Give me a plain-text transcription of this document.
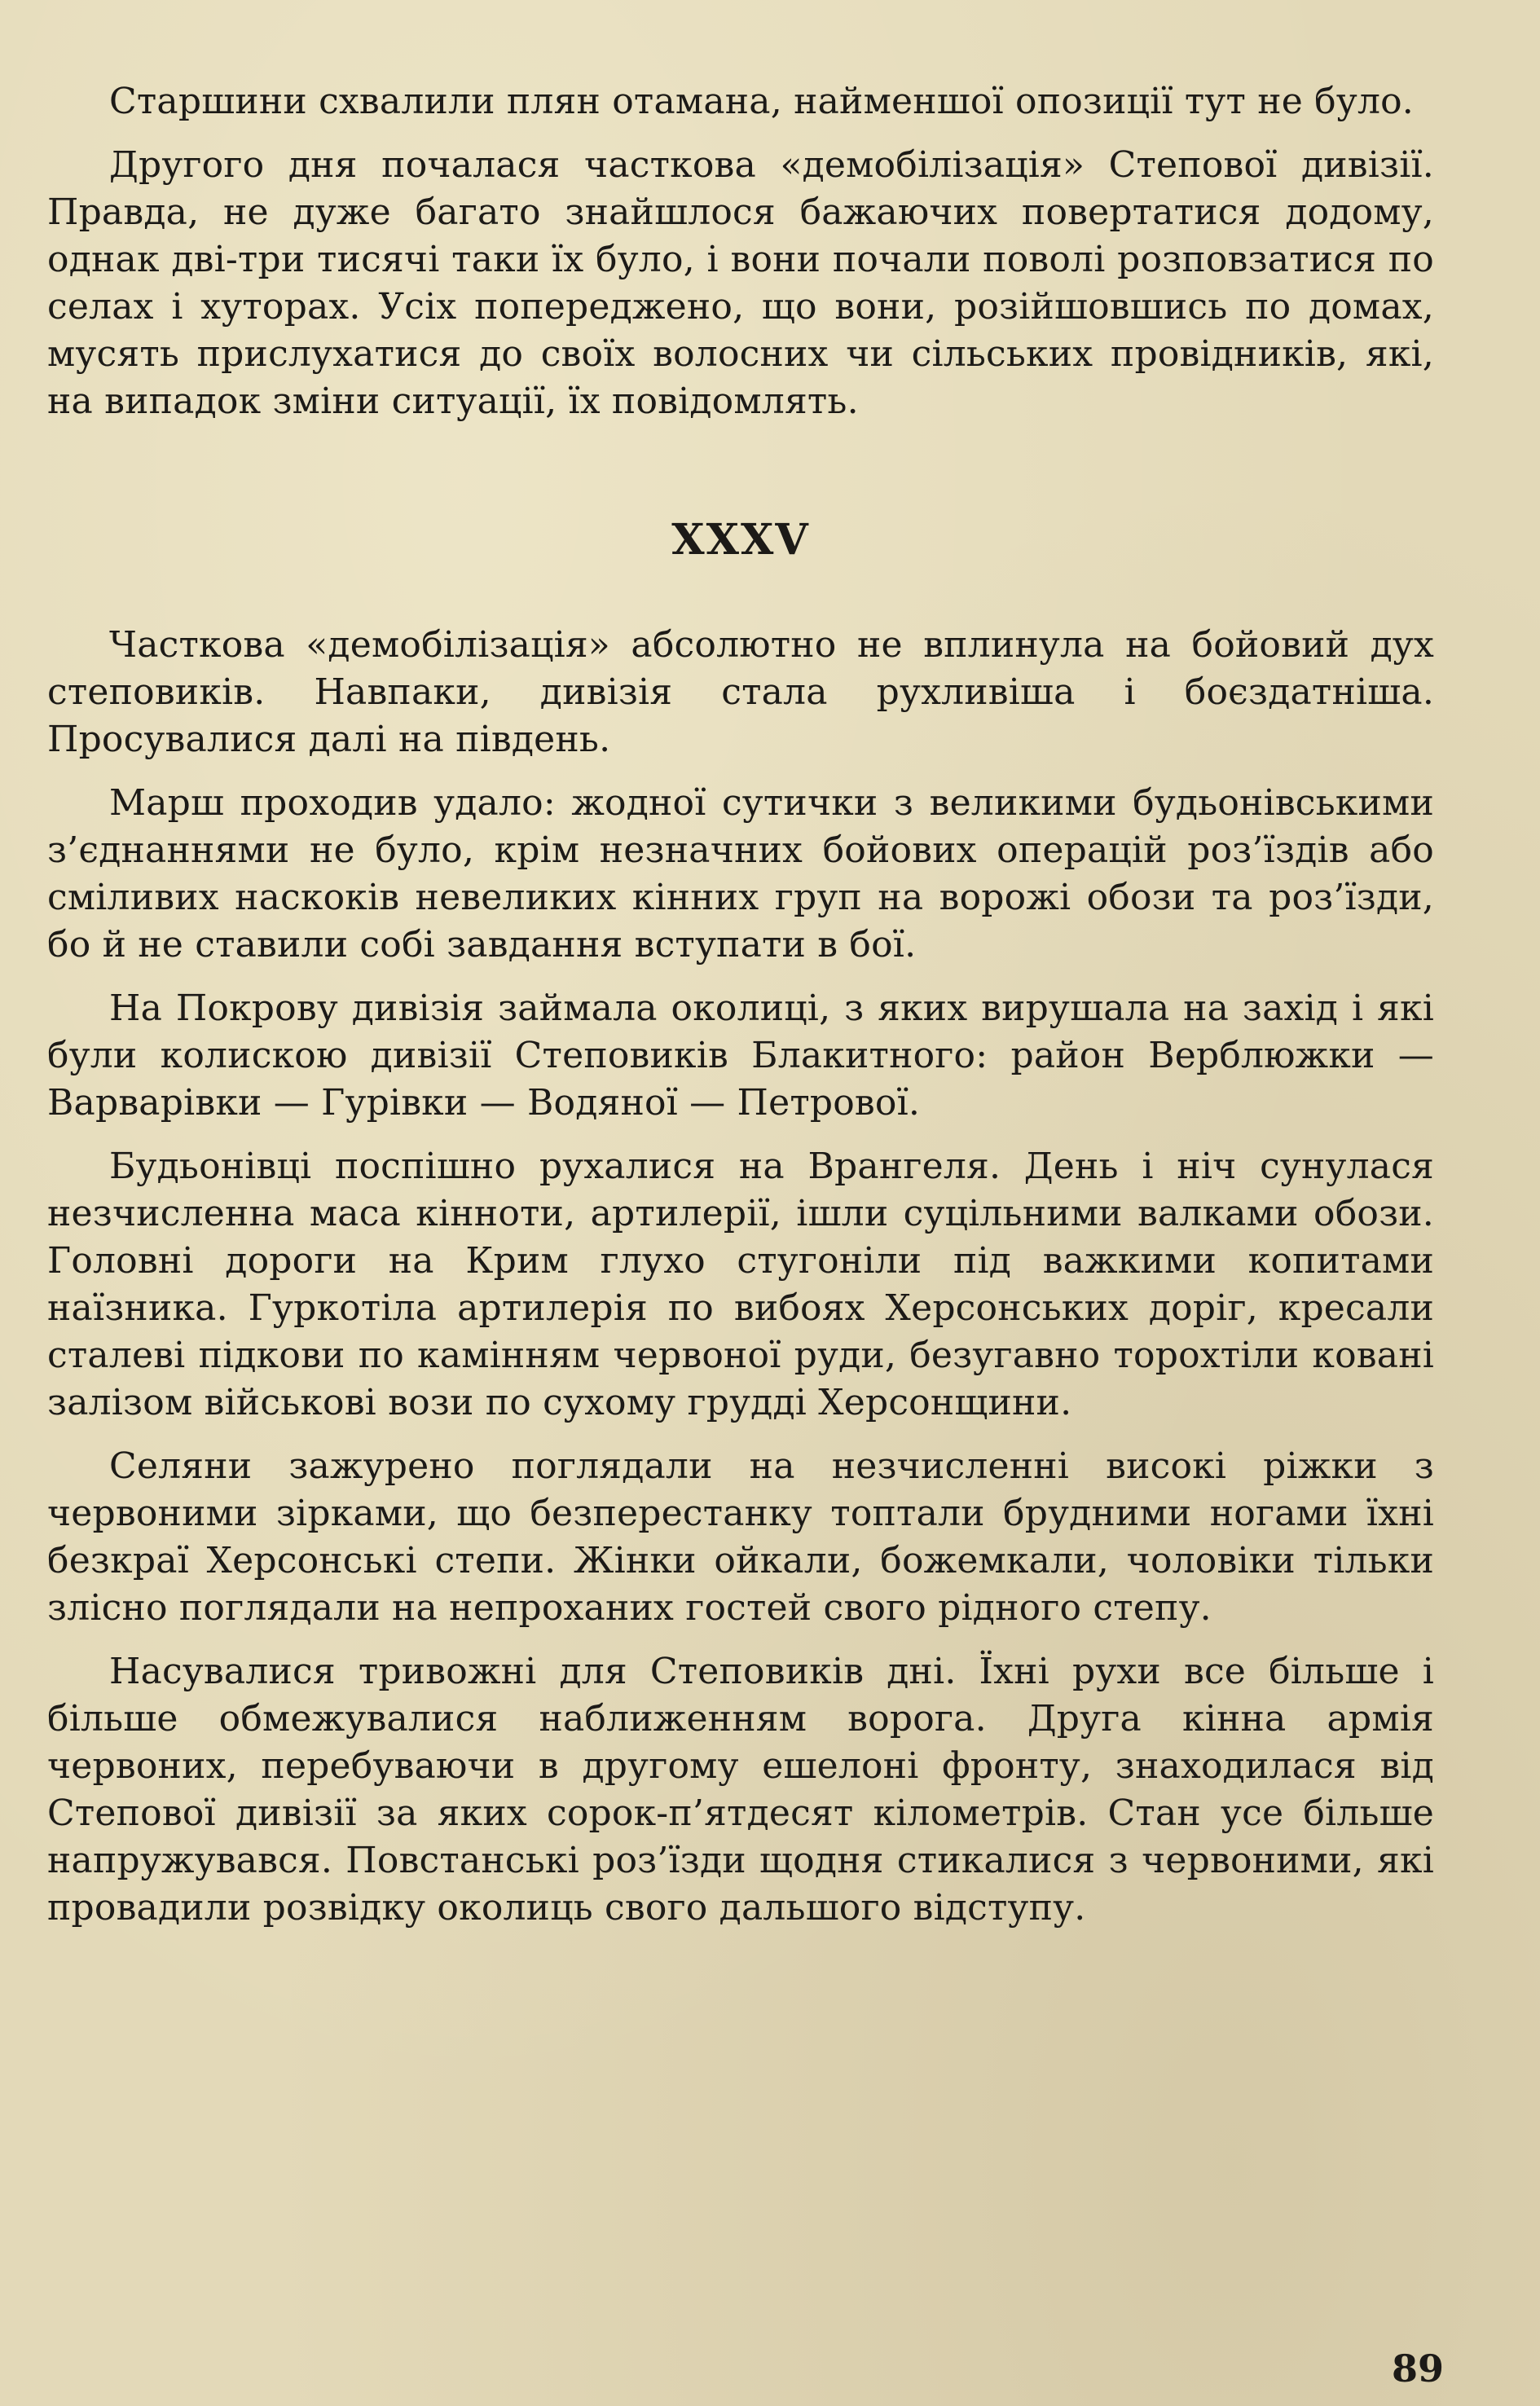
Старшини схвалили плян отамана, найменшої опозиції тут не було.

Другого дня почалася часткова «демобілізація» Степової дивізії. Правда, не дуже багато знайшлося бажаючих повертатися додому, однак дві-три тисячі таки їх було, і вони почали поволі розповзатися по селах і хуторах. Усіх попереджено, що вони, розійшовшись по домах, мусять прислухатися до своїх волосних чи сільських провідників, які, на випадок зміни ситуації, їх повідомлять.

XXXV

Часткова «демобілізація» абсолютно не вплинула на бойовий дух степовиків. Навпаки, дивізія стала рухливіша і боєздатніша. Просувалися далі на південь.

Марш проходив удало: жодної сутички з великими будьонівськими з’єднаннями не було, крім незначних бойових операцій роз’їздів або сміливих наскоків невеликих кінних груп на ворожі обози та роз’їзди, бо й не ставили собі завдання вступати в бої.

На Покрову дивізія займала околиці, з яких вирушала на захід і які були колискою дивізії Степовиків Блакитного: район Верблюжки — Варварівки — Гурівки — Водяної — Петрової.

Будьонівці поспішно рухалися на Врангеля. День і ніч сунулася незчисленна маса кінноти, артилерії, ішли суцільними валками обози. Головні дороги на Крим глухо стугоніли під важкими копитами наїзника. Гуркотіла артилерія по вибоях Херсонських доріг, кресали сталеві підкови по камінням червоної руди, безугавно торохтіли ковані залізом військові вози по сухому грудді Херсонщини.

Селяни зажурено поглядали на незчисленні високі ріжки з червоними зірками, що безперестанку топтали брудними ногами їхні безкраї Херсонські степи. Жінки ойкали, божемкали, чоловіки тільки злісно поглядали на непроханих гостей свого рідного степу.

Насувалися тривожні для Степовиків дні. Їхні рухи все більше і більше обмежувалися наближенням ворога. Друга кінна армія червоних, перебуваючи в другому ешелоні фронту, знаходилася від Степової дивізії за яких сорок-п’ятдесят кілометрів. Стан усе більше напружувався. Повстанські роз’їзди щодня стикалися з червоними, які провадили розвідку околиць свого дальшого відступу.

89
